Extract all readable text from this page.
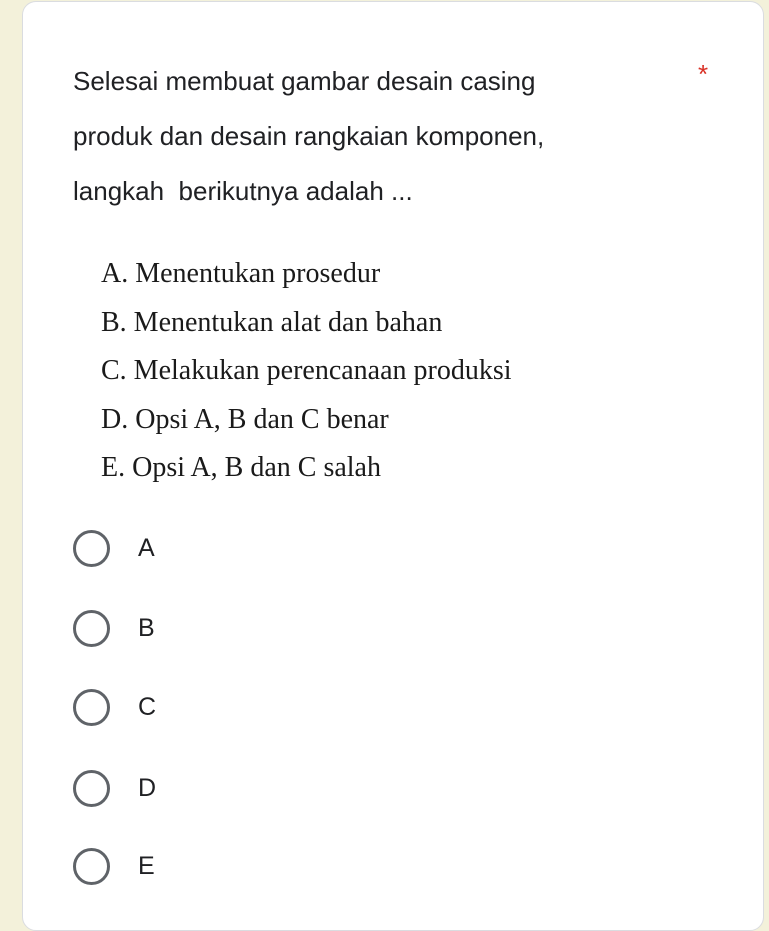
Selesai membuat gambar desain casing
produk dan desain rangkaian komponen,
langkah  berikutnya adalah ...
*
A. Menentukan prosedur
B. Menentukan alat dan bahan
C. Melakukan perencanaan produksi
D. Opsi A, B dan C benar
E. Opsi A, B dan C salah
A
B
C
D
E
